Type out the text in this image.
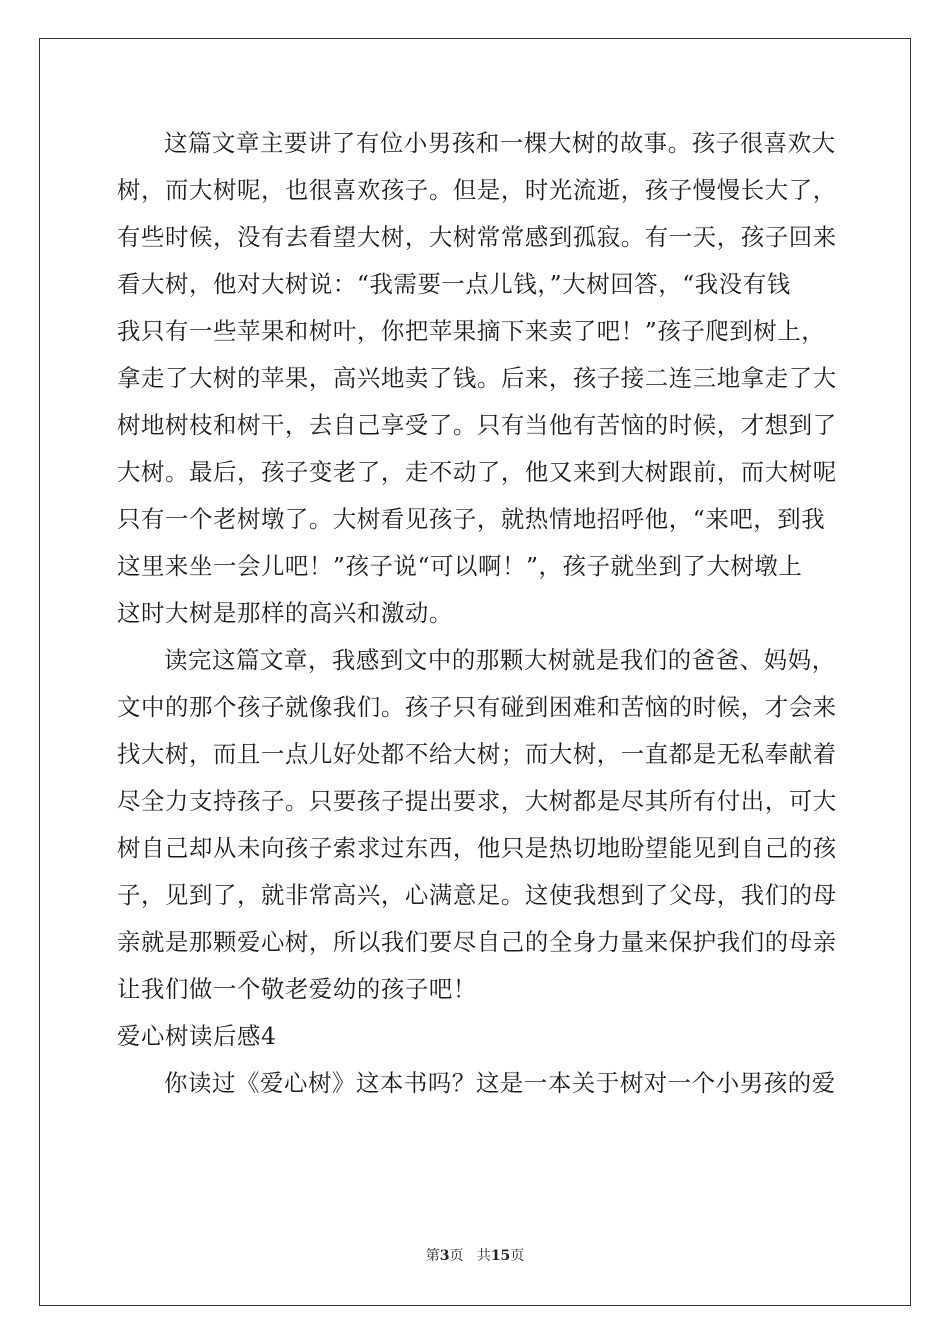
这篇文章主要讲了有位小男孩和一棵大树的故事。孩子很喜欢大
树，而大树呢，也很喜欢孩子。但是，时光流逝，孩子慢慢长大了，
有些时候，没有去看望大树，大树常常感到孤寂。有一天，孩子回来
看大树，他对大树说：“我需要一点儿钱，”大树回答，“我没有钱
我只有一些苹果和树叶，你把苹果摘下来卖了吧！”孩子爬到树上，
拿走了大树的苹果，高兴地卖了钱。后来，孩子接二连三地拿走了大
树地树枝和树干，去自己享受了。只有当他有苦恼的时候，才想到了
大树。最后，孩子变老了，走不动了，他又来到大树跟前，而大树呢
只有一个老树墩了。大树看见孩子，就热情地招呼他，“来吧，到我
这里来坐一会儿吧！”孩子说“可以啊！”，孩子就坐到了大树墩上
这时大树是那样的高兴和激动。
读完这篇文章，我感到文中的那颗大树就是我们的爸爸、妈妈，
文中的那个孩子就像我们。孩子只有碰到困难和苦恼的时候，才会来
找大树，而且一点儿好处都不给大树；而大树，一直都是无私奉献着
尽全力支持孩子。只要孩子提出要求，大树都是尽其所有付出，可大
树自己却从未向孩子索求过东西，他只是热切地盼望能见到自己的孩
子，见到了，就非常高兴，心满意足。这使我想到了父母，我们的母
亲就是那颗爱心树，所以我们要尽自己的全身力量来保护我们的母亲
让我们做一个敬老爱幼的孩子吧！
爱心树读后感4
你读过《爱心树》这本书吗？这是一本关于树对一个小男孩的爱
第3页 共15页
